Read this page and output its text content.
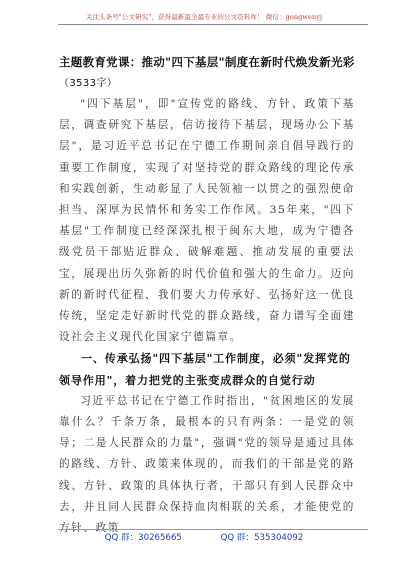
关注头条号"公文研究"，获得最新最全最专业的公文资料库！ 微信：gongwenyj
主题教育党课：推动"四下基层"制度在新时代焕发新光彩（3533字）

"四下基层"，即"宣传党的路线、方针、政策下基层，调查研究下基层，信访接待下基层，现场办公下基层"，是习近平总书记在宁德工作期间亲自倡导践行的重要工作制度，实现了对坚持党的群众路线的理论传承和实践创新，生动彰显了人民领袖一以贯之的强烈使命担当、深厚为民情怀和务实工作作风。35年来，"四下基层"工作制度已经深深扎根于闽东大地，成为宁德各级党员干部贴近群众、破解难题、推动发展的重要法宝，展现出历久弥新的时代价值和强大的生命力。迈向新的新时代征程，我们要大力传承好、弘扬好这一优良传统，坚定走好新时代党的群众路线，奋力谱写全面建设社会主义现代化国家宁德篇章。

一、传承弘扬"四下基层"工作制度，必须"发挥党的领导作用"，着力把党的主张变成群众的自觉行动

习近平总书记在宁德工作时指出，"贫困地区的发展靠什么？千条万条，最根本的只有两条：一是党的领导；二是人民群众的力量"，强调"党的领导是通过具体的路线、方针、政策来体现的，而我们的干部是党的路线、方针、政策的具体执行者，干部只有到人民群众中去，并且同人民群众保持血肉相联的关系，才能使党的方针、政策

QQ 群：30265665	QQ 群：535304092
